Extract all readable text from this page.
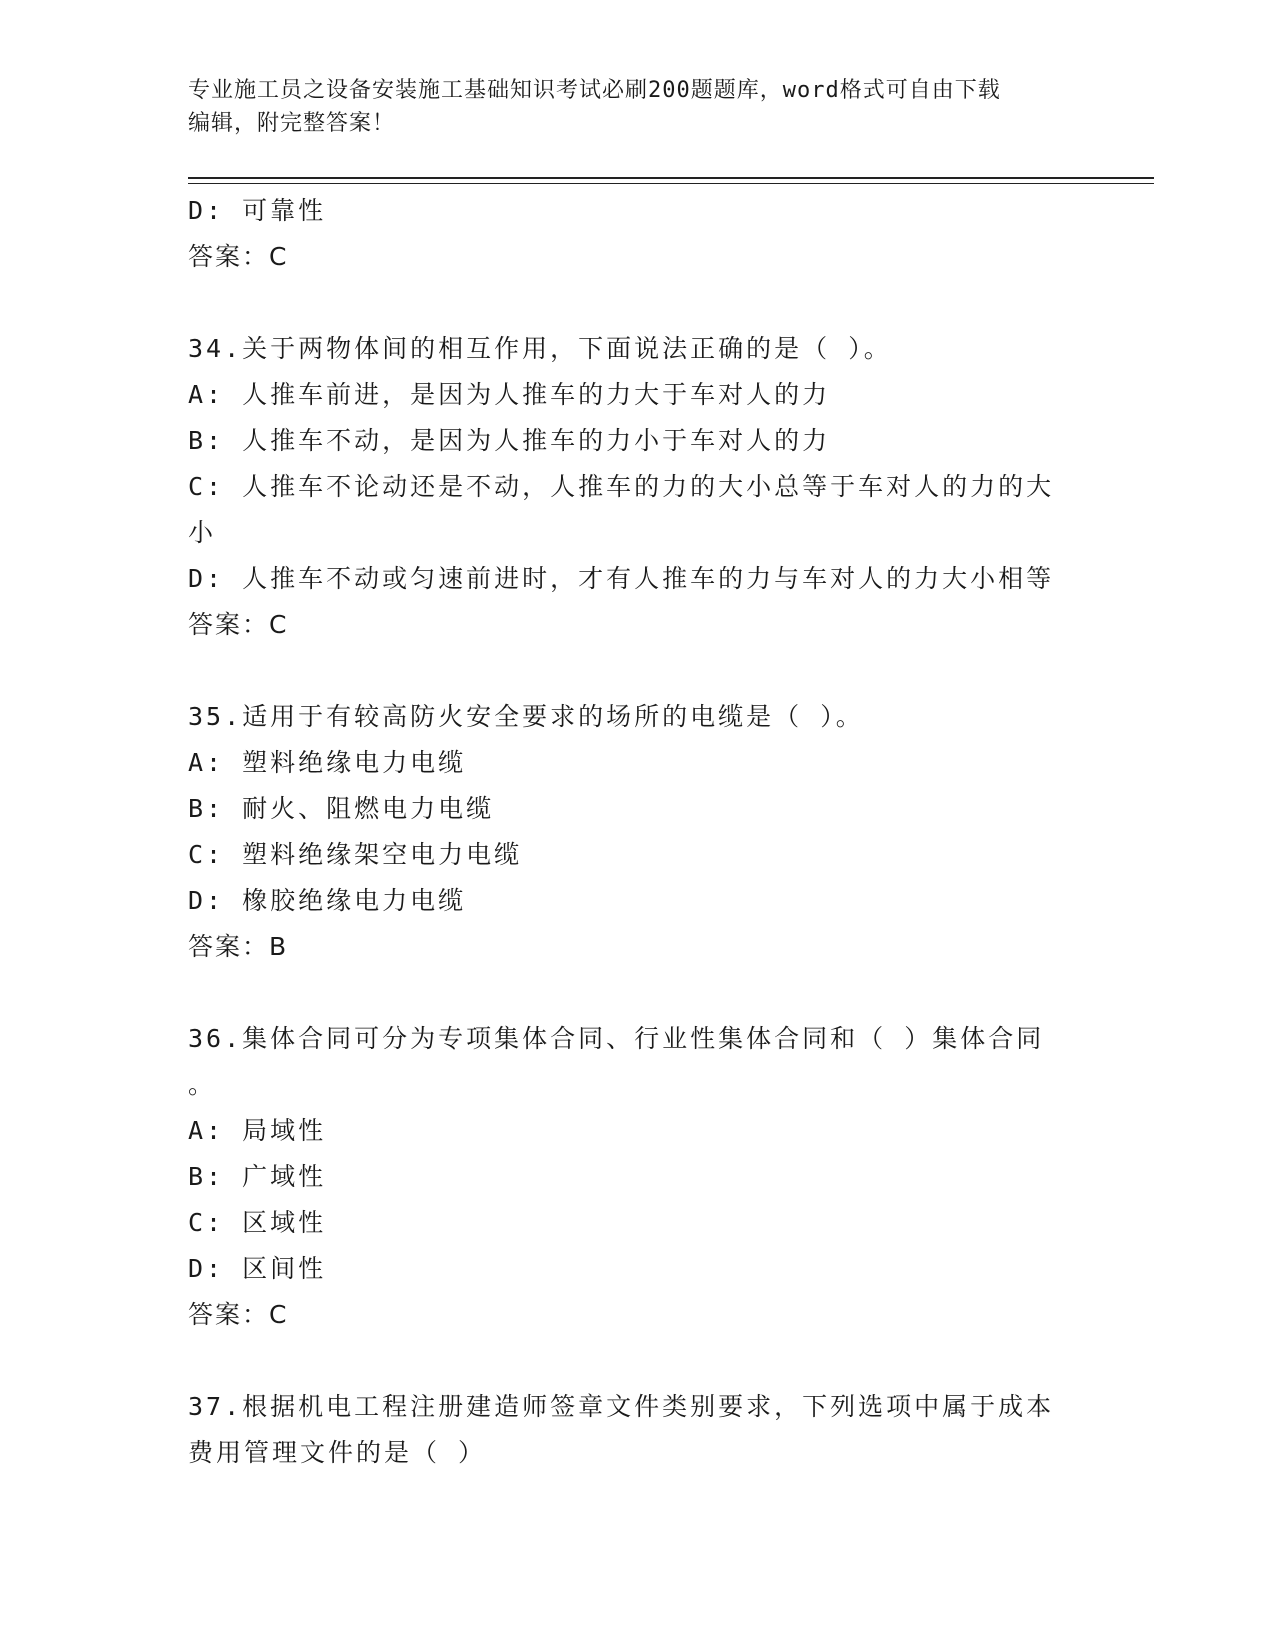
专业施工员之设备安装施工基础知识考试必刷200题题库，word格式可自由下载
编辑，附完整答案！
D: 可靠性
答案：C
34.关于两物体间的相互作用，下面说法正确的是（ ）。
A: 人推车前进，是因为人推车的力大于车对人的力
B: 人推车不动，是因为人推车的力小于车对人的力
C: 人推车不论动还是不动，人推车的力的大小总等于车对人的力的大
小
D: 人推车不动或匀速前进时，才有人推车的力与车对人的力大小相等
答案：C
35.适用于有较高防火安全要求的场所的电缆是（ ）。
A: 塑料绝缘电力电缆
B: 耐火、阻燃电力电缆
C: 塑料绝缘架空电力电缆
D: 橡胶绝缘电力电缆
答案：B
36.集体合同可分为专项集体合同、行业性集体合同和（ ）集体合同
。
A: 局域性
B: 广域性
C: 区域性
D: 区间性
答案：C
37.根据机电工程注册建造师签章文件类别要求，下列选项中属于成本
费用管理文件的是（ ）
